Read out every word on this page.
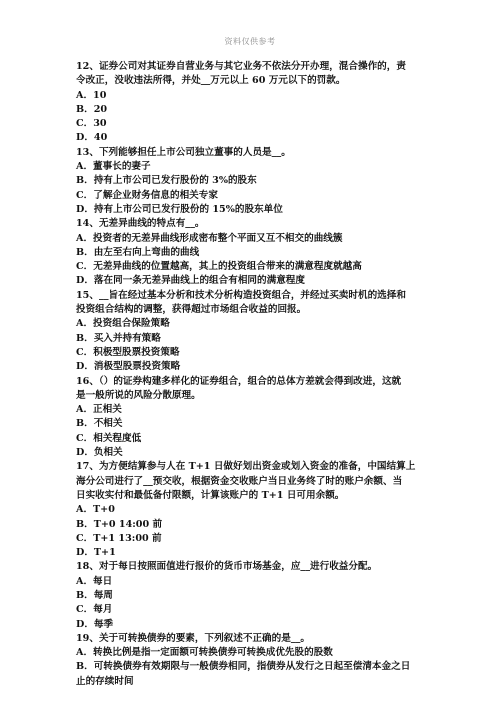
资料仅供参考
12、证券公司对其证券自营业务与其它业务不依法分开办理，混合操作的，责
令改正，没收违法所得，并处__万元以上 60 万元以下的罚款。
A．10
B．20
C．30
D．40
13、下列能够担任上市公司独立董事的人员是__。
A．董事长的妻子
B．持有上市公司已发行股份的 3%的股东
C．了解企业财务信息的相关专家
D．持有上市公司已发行股份的 15%的股东单位
14、无差异曲线的特点有__。
A．投资者的无差异曲线形成密布整个平面又互不相交的曲线簇
B．由左至右向上弯曲的曲线
C．无差异曲线的位置越高，其上的投资组合带来的满意程度就越高
D．落在同一条无差异曲线上的组合有相同的满意程度
15、__旨在经过基本分析和技术分析构造投资组合，并经过买卖时机的选择和
投资组合结构的调整，获得超过市场组合收益的回报。
A．投资组合保险策略
B．买入并持有策略
C．积极型股票投资策略
D．消极型股票投资策略
16、（）的证券构建多样化的证券组合，组合的总体方差就会得到改进，这就
是一般所说的风险分散原理。
A．正相关
B．不相关
C．相关程度低
D．负相关
17、为方便结算参与人在 T+1 日做好划出资金或划入资金的准备，中国结算上
海分公司进行了__预交收，根据资金交收账户当日业务终了时的账户余额、当
日实收实付和最低备付限额，计算该账户的 T+1 日可用余额。
A．T+0
B．T+0 14:00 前
C．T+1 13:00 前
D．T+1
18、对于每日按照面值进行报价的货币市场基金，应__进行收益分配。
A．每日
B．每周
C．每月
D．每季
19、关于可转换债券的要素，下列叙述不正确的是__。
A．转换比例是指一定面额可转换债券可转换成优先股的股数
B．可转换债券有效期限与一般债券相同，指债券从发行之日起至偿清本金之日
止的存续时间
